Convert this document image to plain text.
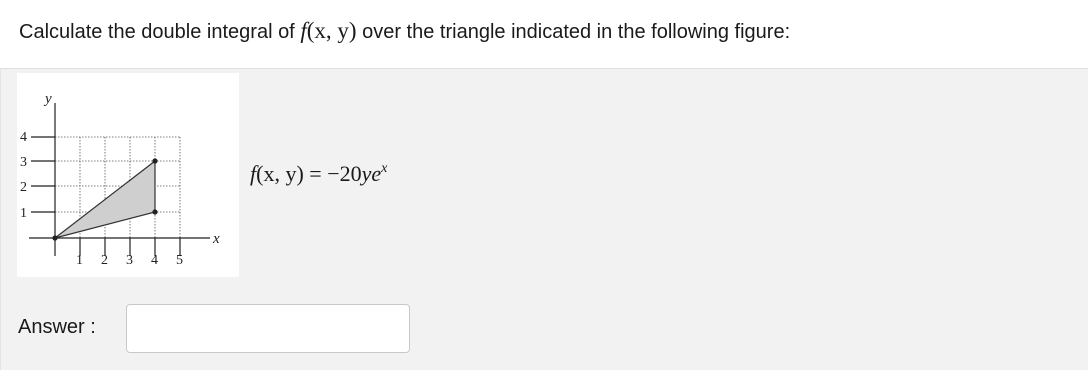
Calculate the double integral of f(x, y) over the triangle indicated in the following figure:
y
x
1
2
3
4
1 2 3 4 5
f(x, $y) = -20ye^x$
Answer :
